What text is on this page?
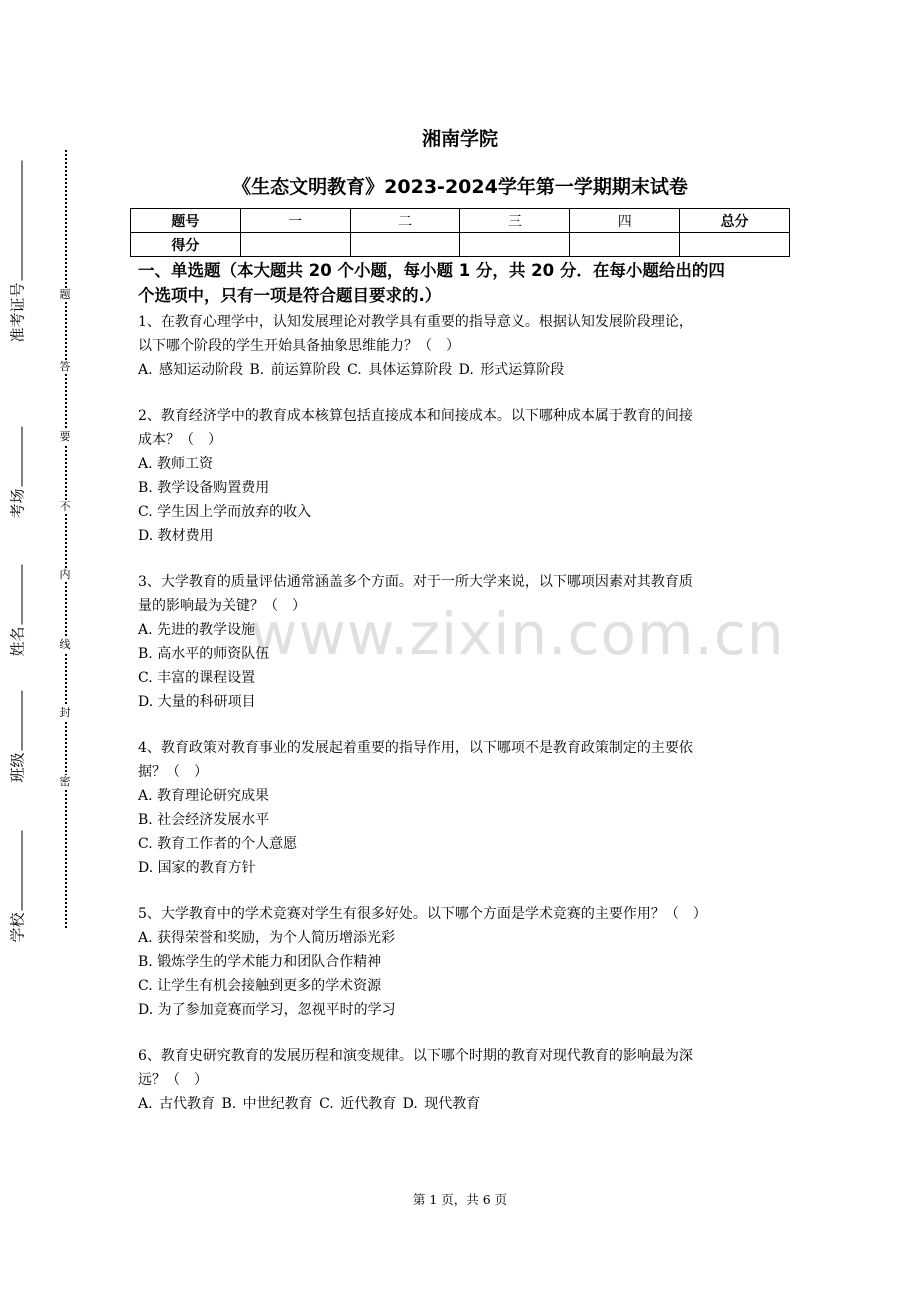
题
答
要
不
内
线
封
密
学校
班级
姓名
考场
准考证号
湘南学院
《生态文明教育》2023-2024学年第一学期期末试卷
题号	一	二	三	四	总分
得分					
一、单选题（本大题共 20 个小题，每小题 1 分，共 20 分．在每小题给出的四
个选项中，只有一项是符合题目要求的.）

1、在教育心理学中，认知发展理论对教学具有重要的指导意义。根据认知发展阶段理论，

以下哪个阶段的学生开始具备抽象思维能力？（　）

A. 感知运动阶段 B. 前运算阶段 C. 具体运算阶段 D. 形式运算阶段

2、教育经济学中的教育成本核算包括直接成本和间接成本。以下哪种成本属于教育的间接

成本？（　）

A. 教师工资

B. 教学设备购置费用

C. 学生因上学而放弃的收入

D. 教材费用

3、大学教育的质量评估通常涵盖多个方面。对于一所大学来说，以下哪项因素对其教育质

量的影响最为关键？（　）

A. 先进的教学设施

B. 高水平的师资队伍

C. 丰富的课程设置

D. 大量的科研项目

4、教育政策对教育事业的发展起着重要的指导作用，以下哪项不是教育政策制定的主要依

据？（　）

A. 教育理论研究成果

B. 社会经济发展水平

C. 教育工作者的个人意愿

D. 国家的教育方针

5、大学教育中的学术竞赛对学生有很多好处。以下哪个方面是学术竞赛的主要作用？（　）

A. 获得荣誉和奖励，为个人简历增添光彩

B. 锻炼学生的学术能力和团队合作精神

C. 让学生有机会接触到更多的学术资源

D. 为了参加竞赛而学习，忽视平时的学习

6、教育史研究教育的发展历程和演变规律。以下哪个时期的教育对现代教育的影响最为深

远？（　）

A. 古代教育 B. 中世纪教育 C. 近代教育 D. 现代教育

www.zixin.com.cn
第 1 页，共 6 页
